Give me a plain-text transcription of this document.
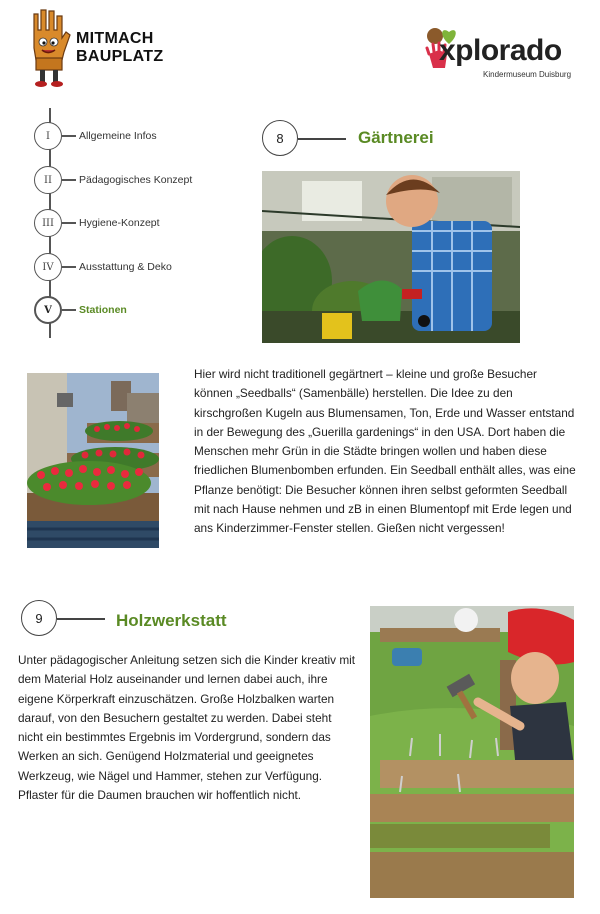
MITMACH
BAUPLATZ	xplorado
Kindermuseum Duisburg
I	Allgemeine Infos
II	Pädagogisches Konzept
III	Hygiene-Konzept
IV	Ausstattung & Deko
V	Stationen
8	Gärtnerei
Hier wird nicht traditionell gegärtnert – kleine und große Besucher können „Seedballs“ (Samenbälle) herstellen. Die Idee zu den kirschgroßen Kugeln aus Blumensamen, Ton, Erde und Wasser entstand in der Bewegung des „Guerilla gardenings“ in den USA. Dort haben die Menschen mehr Grün in die Städte bringen wollen und haben diese friedlichen Blumenbomben erfunden. Ein Seedball enthält alles, was eine Pflanze benötigt: Die Besucher können ihren selbst geformten Seedball mit nach Hause nehmen und zB in einen Blumentopf mit Erde legen und ans Kinderzimmer-Fenster stellen. Gießen nicht vergessen!
9	Holzwerkstatt
Unter pädagogischer Anleitung setzen sich die Kinder kreativ mit dem Material Holz auseinander und lernen dabei auch, ihre eigene Körperkraft einzuschätzen. Große Holzbalken warten darauf, von den Besuchern gestaltet zu werden. Dabei steht nicht ein bestimmtes Ergebnis im Vordergrund, sondern das Werken an sich. Genügend Holzmaterial und geeignetes Werkzeug, wie Nägel und Hammer, stehen zur Verfügung. Pflaster für die Daumen brauchen wir hoffentlich nicht.
